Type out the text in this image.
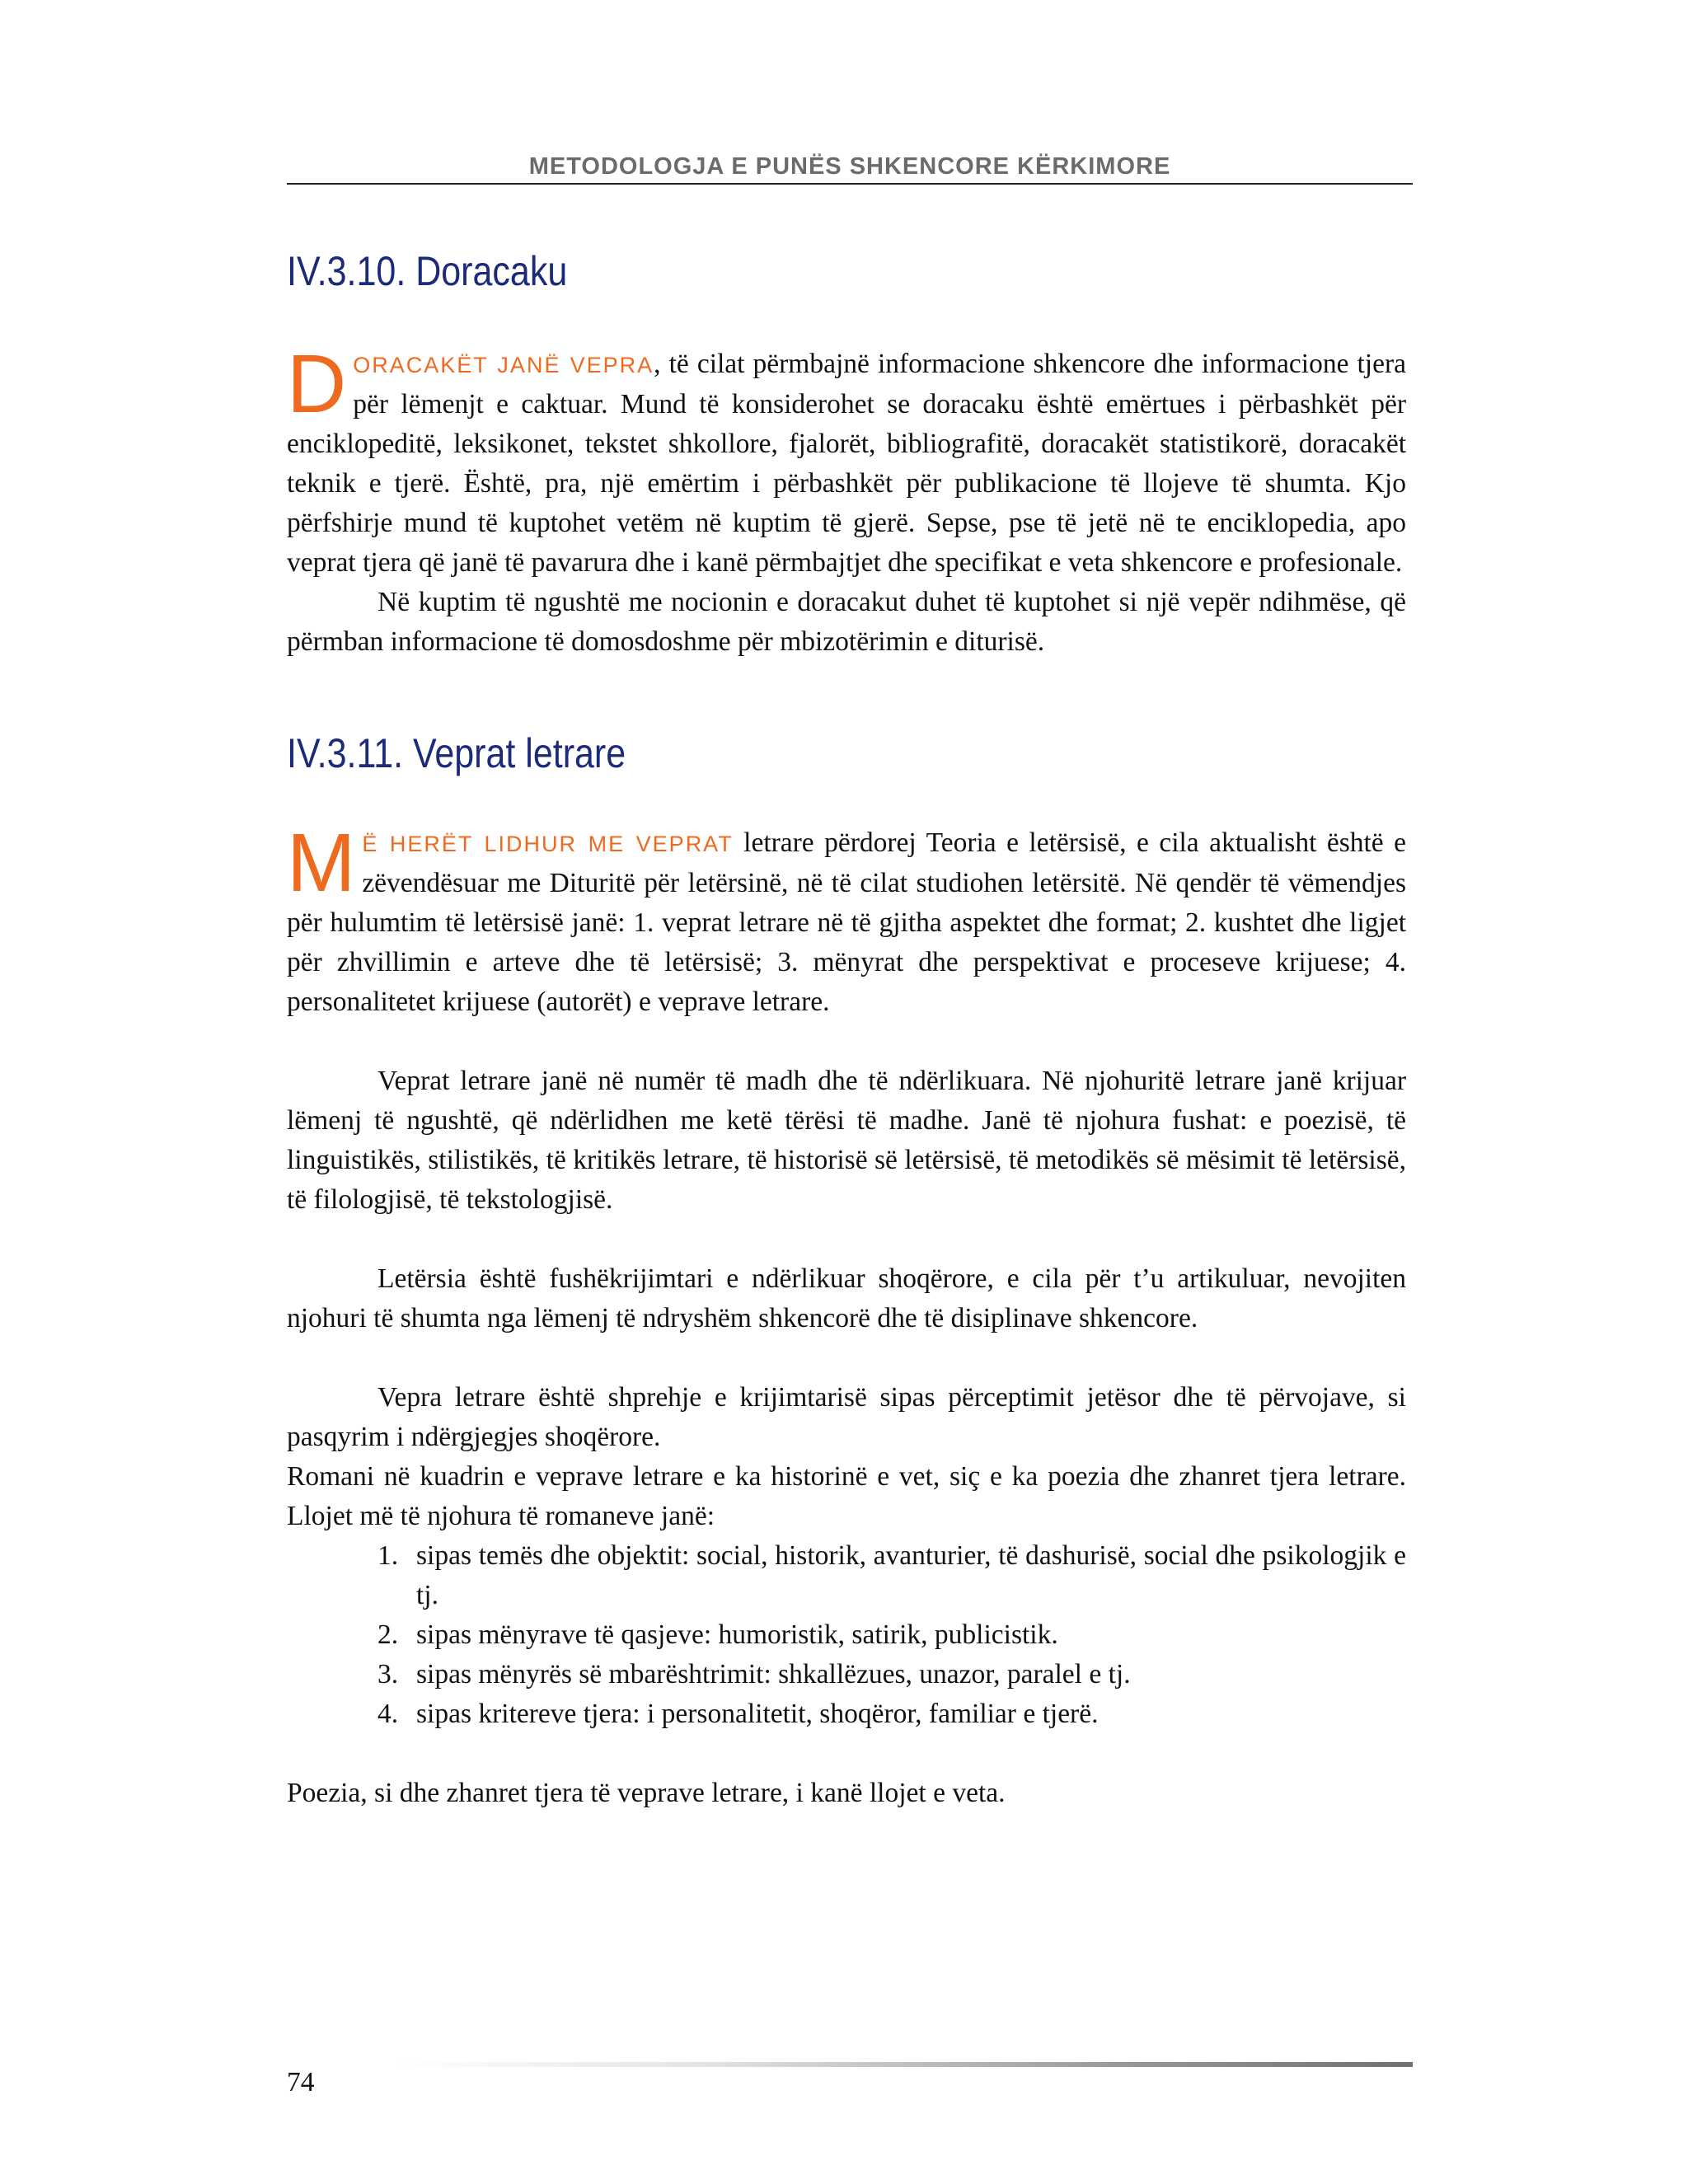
METODOLOGJA E PUNËS SHKENCORE KËRKIMORE
IV.3.10. Doracaku

DORACAKËT JANË VEPRA, të cilat përmbajnë informacione shkencore dhe informacione tjera për lëmenjt e caktuar. Mund të konsiderohet se doracaku është emërtues i përbashkët për enciklopeditë, leksikonet, tekstet shkollore, fjalorët, bibliografitë, doracakët statistikorë, doracakët teknik e tjerë. Është, pra, një emërtim i përbashkët për publikacione të llojeve të shumta. Kjo përfshirje mund të kuptohet vetëm në kuptim të gjerë. Sepse, pse të jetë në te enciklopedia, apo veprat tjera që janë të pavarura dhe i kanë përmbajtjet dhe specifikat e veta shkencore e profesionale.

Në kuptim të ngushtë me nocionin e doracakut duhet të kuptohet si një vepër ndihmëse, që përmban informacione të domosdoshme për mbizotërimin e diturisë.

IV.3.11. Veprat letrare

M Ë HERËT LIDHUR ME VEPRAT letrare përdorej Teoria e letërsisë, e cila aktualisht është e zëvendësuar me Dituritë për letërsinë, në të cilat studiohen letërsitë. Në qendër të vëmendjes për hulumtim të letërsisë janë: 1. veprat letrare në të gjitha aspektet dhe format; 2. kushtet dhe ligjet për zhvillimin e arteve dhe të letërsisë; 3. mënyrat dhe perspektivat e proceseve krijuese; 4. personalitetet krijuese (autorët) e veprave letrare.

Veprat letrare janë në numër të madh dhe të ndërlikuara. Në njohuritë letrare janë krijuar lëmenj të ngushtë, që ndërlidhen me ketë tërësi të madhe. Janë të njohura fushat: e poezisë, të linguistikës, stilistikës, të kritikës letrare, të historisë së letërsisë, të metodikës së mësimit të letërsisë, të filologjisë, të tekstologjisë.

Letërsia është fushëkrijimtari e ndërlikuar shoqërore, e cila për t’u artikuluar, nevojiten njohuri të shumta nga lëmenj të ndryshëm shkencorë dhe të disiplinave shkencore.

Vepra letrare është shprehje e krijimtarisë sipas përceptimit jetësor dhe të përvojave, si pasqyrim i ndërgjegjes shoqërore.

Romani në kuadrin e veprave letrare e ka historinë e vet, siç e ka poezia dhe zhanret tjera letrare. Llojet më të njohura të romaneve janë:

1. sipas temës dhe objektit: social, historik, avanturier, të dashurisë, social dhe psikologjik e tj.
2. sipas mënyrave të qasjeve: humoristik, satirik, publicistik.
3. sipas mënyrës së mbarështrimit: shkallëzues, unazor, paralel e tj.
4. sipas kritereve tjera: i personalitetit, shoqëror, familiar e tjerë.

Poezia, si dhe zhanret tjera të veprave letrare, i kanë llojet e veta.

74
